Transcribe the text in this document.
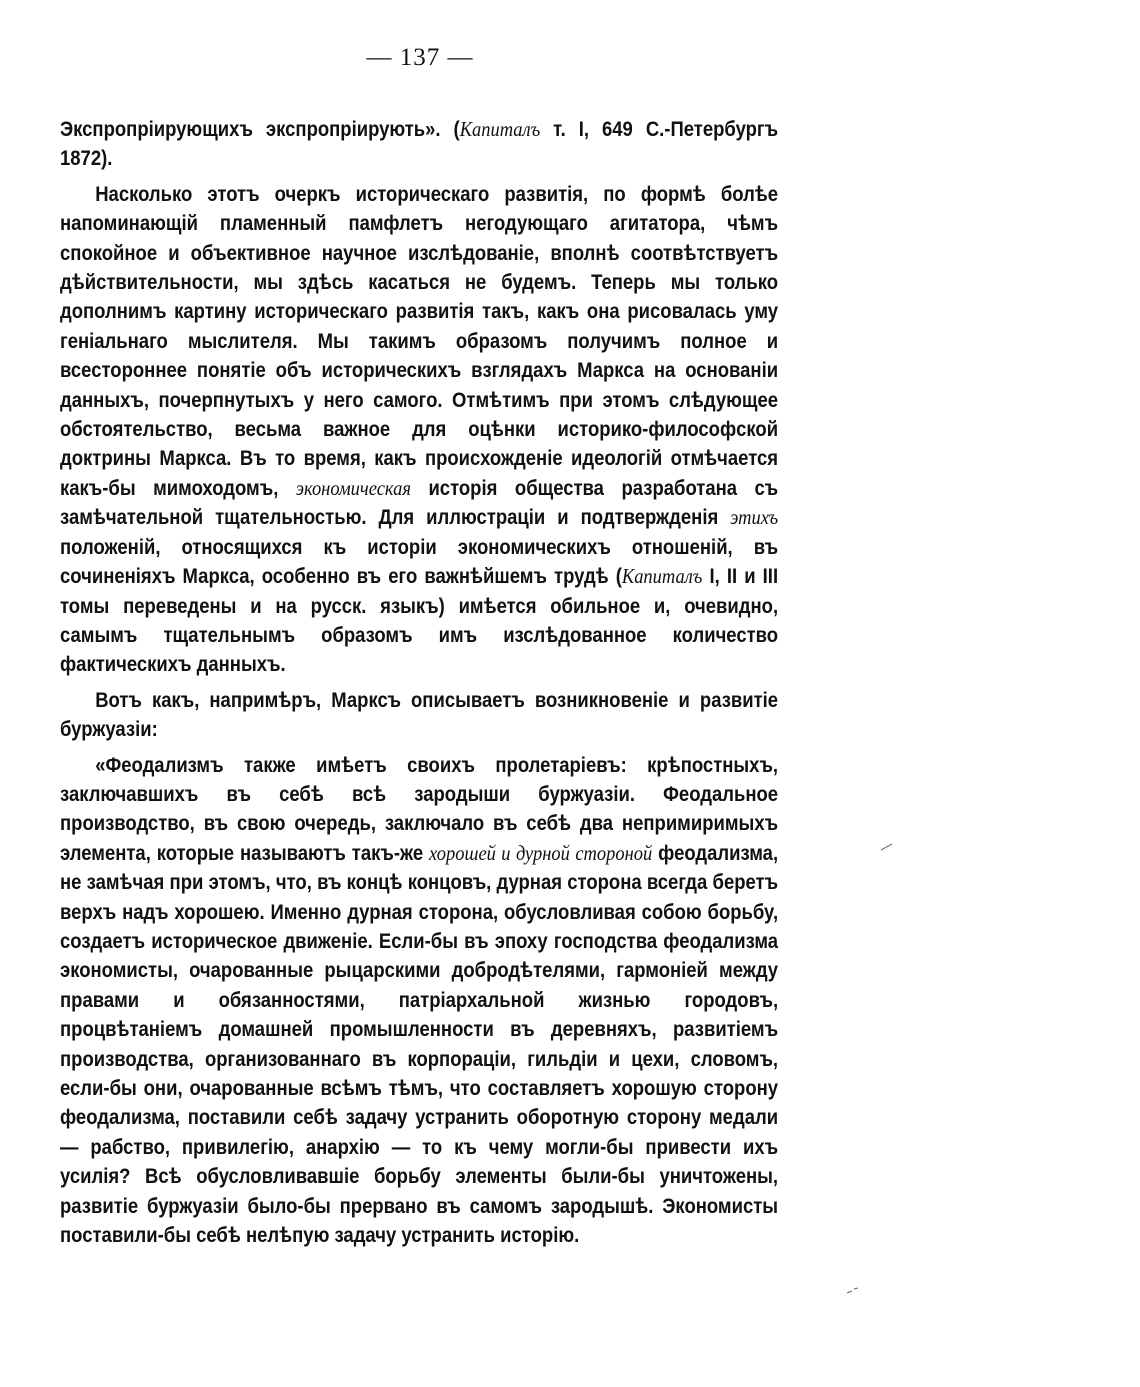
— 137 —

Экспропрiирующихъ экспропрiирують». (Капиталъ т. I, 649 С.-Петербургъ 1872).

Насколько этотъ очеркъ историческаго развитiя, по формѣ болѣе напоминающiй пламенный памфлетъ негодующаго агитатора, чѣмъ спокойное и объективное научное изслѣдованiе, вполнѣ соотвѣтствуетъ дѣйствительности, мы здѣсь касаться не будемъ. Теперь мы только дополнимъ картину историческаго развитiя такъ, какъ она рисовалась уму генiальнаго мыслителя. Мы такимъ образомъ получимъ полное и всестороннее понятiе объ историческихъ взглядахъ Маркса на основанiи данныхъ, почерпнутыхъ у него самого. Отмѣтимъ при этомъ слѣдующее обстоятельство, весьма важное для оцѣнки историко-философской доктрины Маркса. Въ то время, какъ происхожденiе идеологiй отмѣчается какъ-бы мимоходомъ, экономическая исторiя общества разработана съ замѣчательной тщательностью. Для иллюстрацiи и подтвержденiя этихъ положенiй, относящихся къ исторiи экономическихъ отношенiй, въ сочиненiяхъ Маркса, особенно въ его важнѣйшемъ трудѣ (Капиталъ I, II и III томы переведены и на русск. языкъ) имѣется обильное и, очевидно, самымъ тщательнымъ образомъ имъ изслѣдованное количество фактическихъ данныхъ.

Вотъ какъ, напримѣръ, Марксъ описываетъ возникновенiе и развитiе буржуазiи:

«Феодализмъ также имѣетъ своихъ пролетарiевъ: крѣпостныхъ, заключавшихъ въ себѣ всѣ зародыши буржуазiи. Феодальное производство, въ свою очередь, заключало въ себѣ два непримиримыхъ элемента, которые называютъ такъ-же хорошей и дурной стороной феодализма, не замѣчая при этомъ, что, въ концѣ концовъ, дурная сторона всегда беретъ верхъ надъ хорошею. Именно дурная сторона, обусловливая собою борьбу, создаетъ историческое движенiе. Если-бы въ эпоху господства феодализма экономисты, очарованные рыцарскими добродѣтелями, гармонiей между правами и обязанностями, патрiархальной жизнью городовъ, процвѣтанiемъ домашней промышленности въ деревняхъ, развитiемъ производства, организованнаго въ корпорацiи, гильдiи и цехи, словомъ, если-бы они, очарованные всѣмъ тѣмъ, что составляетъ хорошую сторону феодализма, поставили себѣ задачу устранить оборотную сторону медали — рабство, привилегiю, анархiю — то къ чему могли-бы привести ихъ усилiя? Всѣ обусловливавшiе борьбу элементы были-бы уничтожены, развитiе буржуазiи было-бы прервано въ самомъ зародышѣ. Экономисты поставили-бы себѣ нелѣпую задачу устранить исторiю.
